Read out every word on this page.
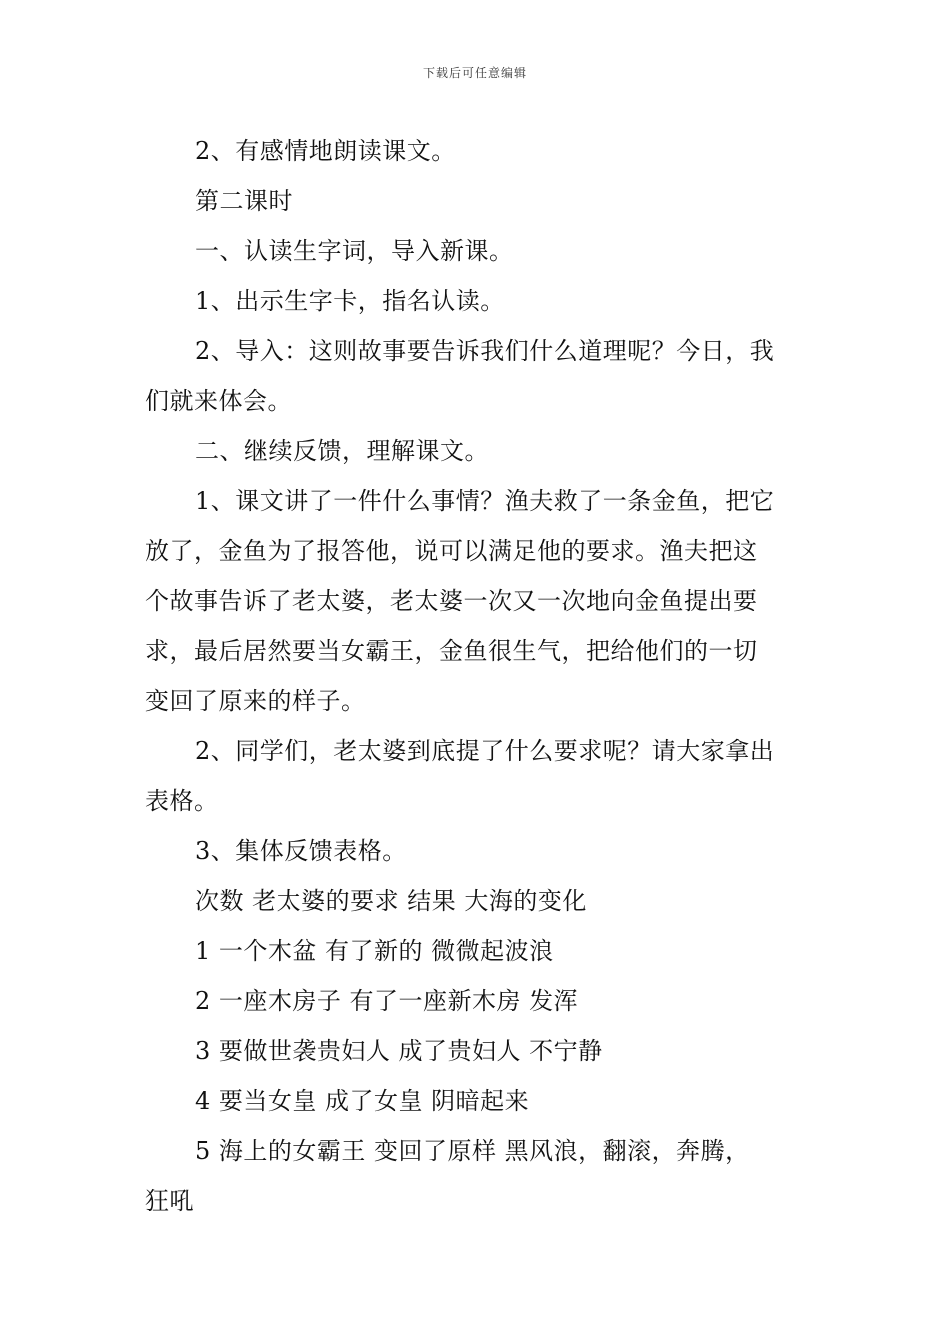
下载后可任意编辑
2、有感情地朗读课文。
第二课时
一、认读生字词，导入新课。
1、出示生字卡，指名认读。
2、导入：这则故事要告诉我们什么道理呢？今日，我
们就来体会。
二、继续反馈，理解课文。
1、课文讲了一件什么事情？渔夫救了一条金鱼，把它
放了，金鱼为了报答他，说可以满足他的要求。渔夫把这
个故事告诉了老太婆，老太婆一次又一次地向金鱼提出要
求，最后居然要当女霸王，金鱼很生气，把给他们的一切
变回了原来的样子。
2、同学们，老太婆到底提了什么要求呢？请大家拿出
表格。
3、集体反馈表格。
次数 老太婆的要求 结果 大海的变化
1 一个木盆 有了新的 微微起波浪
2 一座木房子 有了一座新木房 发浑
3 要做世袭贵妇人 成了贵妇人 不宁静
4 要当女皇 成了女皇 阴暗起来
5 海上的女霸王 变回了原样 黑风浪，翻滚，奔腾，
狂吼
